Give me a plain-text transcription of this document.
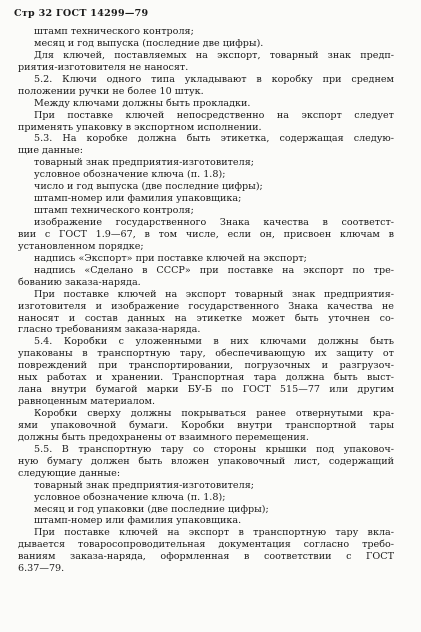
Стр 32 ГОСТ 14299—79
штамп технического контроля;
месяц и год выпуска (последние две цифры).
Для ключей, поставляемых на экспорт, товарный знак предп-
риятия-изготовителя не наносят.
5.2. Ключи одного типа укладывают в коробку при среднем
положении ручки не более 10 штук.
Между ключами должны быть прокладки.
При поставке ключей непосредственно на экспорт следует
применять упаковку в экспортном исполнении.
5.3. На коробке должна быть этикетка, содержащая следую-
щие данные:
товарный знак предприятия-изготовителя;
условное обозначение ключа (п. 1.8);
число и год выпуска (две последние цифры);
штамп-номер или фамилия упаковщика;
штамп технического контроля;
изображение государственного Знака качества в соответст-
вии с ГОСТ 1.9—67, в том числе, если он, присвоен ключам в
установленном порядке;
надпись «Экспорт» при поставке ключей на экспорт;
надпись «Сделано в СССР» при поставке на экспорт по тре-
бованию заказа-наряда.
При поставке ключей на экспорт товарный знак предприятия-
изготовителя и изображение государственного Знака качества не
наносят и состав данных на этикетке может быть уточнен со-
гласно требованиям заказа-наряда.
5.4. Коробки с уложенными в них ключами должны быть
упакованы в транспортную тару, обеспечивающую их защиту от
повреждений при транспортировании, погрузочных и разгрузоч-
ных работах и хранении. Транспортная тара должна быть выст-
лана внутри бумагой марки БУ-Б по ГОСТ 515—77 или другим
равноценным материалом.
Коробки сверху должны покрываться ранее отвернутыми кра-
ями упаковочной бумаги. Коробки внутри транспортной тары
должны быть предохранены от взаимного перемещения.
5.5. В транспортную тару со стороны крышки под упаковоч-
ную бумагу должен быть вложен упаковочный лист, содержащий
следующие данные:
товарный знак предприятия-изготовителя;
условное обозначение ключа (п. 1.8);
месяц и год упаковки (две последние цифры);
штамп-номер или фамилия упаковщика.
При поставке ключей на экспорт в транспортную тару вкла-
дывается товаросопроводительная документация согласно требо-
ваниям заказа-наряда, оформленная в соответствии с ГОСТ
6.37—79.
